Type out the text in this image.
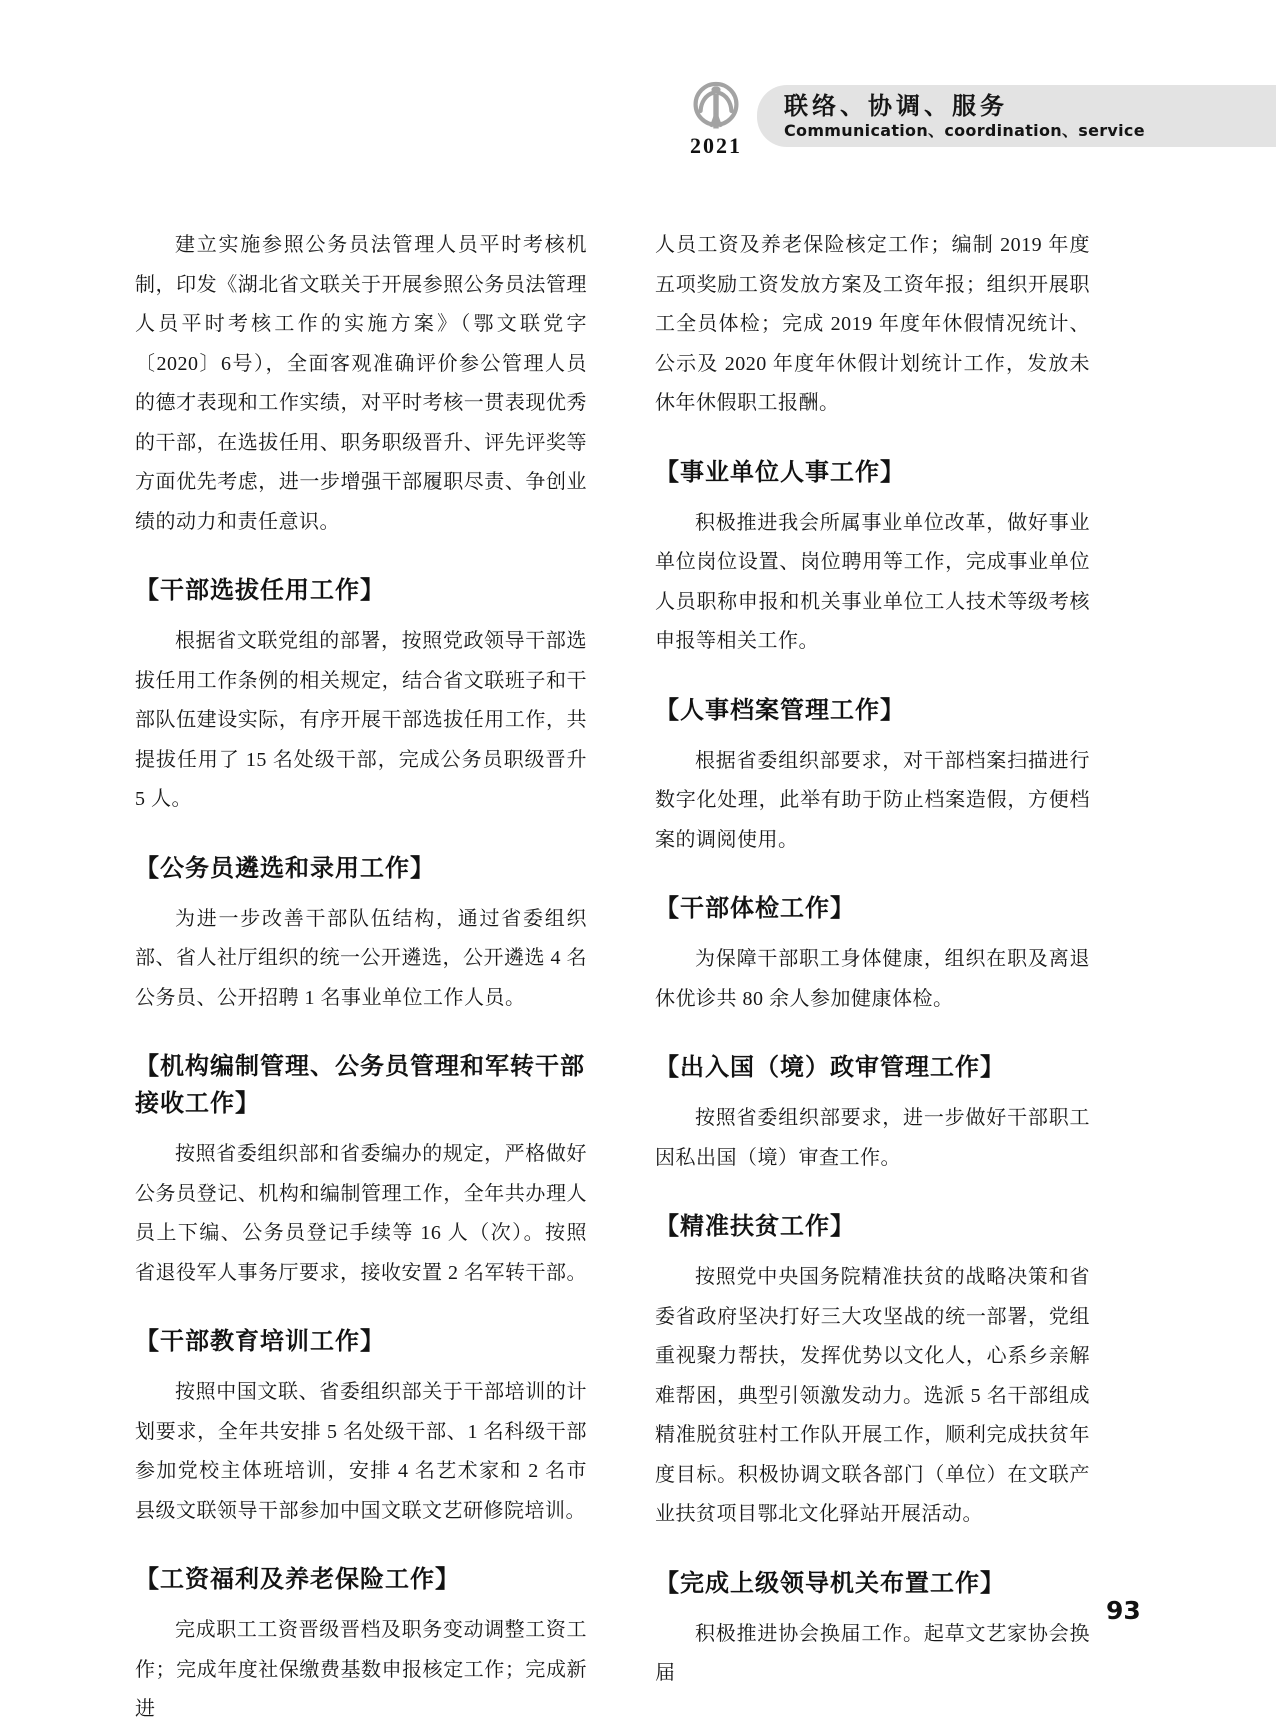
2021
联络、协调、服务
Communication、coordination、service

建立实施参照公务员法管理人员平时考核机制，印发《湖北省文联关于开展参照公务员法管理人员平时考核工作的实施方案》（鄂文联党字〔2020〕6号），全面客观准确评价参公管理人员的德才表现和工作实绩，对平时考核一贯表现优秀的干部，在选拔任用、职务职级晋升、评先评奖等方面优先考虑，进一步增强干部履职尽责、争创业绩的动力和责任意识。

【干部选拔任用工作】

根据省文联党组的部署，按照党政领导干部选拔任用工作条例的相关规定，结合省文联班子和干部队伍建设实际，有序开展干部选拔任用工作，共提拔任用了 15 名处级干部，完成公务员职级晋升 5 人。

【公务员遴选和录用工作】

为进一步改善干部队伍结构，通过省委组织部、省人社厅组织的统一公开遴选，公开遴选 4 名公务员、公开招聘 1 名事业单位工作人员。

【机构编制管理、公务员管理和军转干部接收工作】

按照省委组织部和省委编办的规定，严格做好公务员登记、机构和编制管理工作，全年共办理人员上下编、公务员登记手续等 16 人（次）。按照省退役军人事务厅要求，接收安置 2 名军转干部。

【干部教育培训工作】

按照中国文联、省委组织部关于干部培训的计划要求，全年共安排 5 名处级干部、1 名科级干部参加党校主体班培训，安排 4 名艺术家和 2 名市县级文联领导干部参加中国文联文艺研修院培训。

【工资福利及养老保险工作】

完成职工工资晋级晋档及职务变动调整工资工作；完成年度社保缴费基数申报核定工作；完成新进

人员工资及养老保险核定工作；编制 2019 年度五项奖励工资发放方案及工资年报；组织开展职工全员体检；完成 2019 年度年休假情况统计、公示及 2020 年度年休假计划统计工作，发放未休年休假职工报酬。

【事业单位人事工作】

积极推进我会所属事业单位改革，做好事业单位岗位设置、岗位聘用等工作，完成事业单位人员职称申报和机关事业单位工人技术等级考核申报等相关工作。

【人事档案管理工作】

根据省委组织部要求，对干部档案扫描进行数字化处理，此举有助于防止档案造假，方便档案的调阅使用。

【干部体检工作】

为保障干部职工身体健康，组织在职及离退休优诊共 80 余人参加健康体检。

【出入国（境）政审管理工作】

按照省委组织部要求，进一步做好干部职工因私出国（境）审查工作。

【精准扶贫工作】

按照党中央国务院精准扶贫的战略决策和省委省政府坚决打好三大攻坚战的统一部署，党组重视聚力帮扶，发挥优势以文化人，心系乡亲解难帮困，典型引领激发动力。选派 5 名干部组成精准脱贫驻村工作队开展工作，顺利完成扶贫年度目标。积极协调文联各部门（单位）在文联产业扶贫项目鄂北文化驿站开展活动。

【完成上级领导机关布置工作】

积极推进协会换届工作。起草文艺家协会换届

93
